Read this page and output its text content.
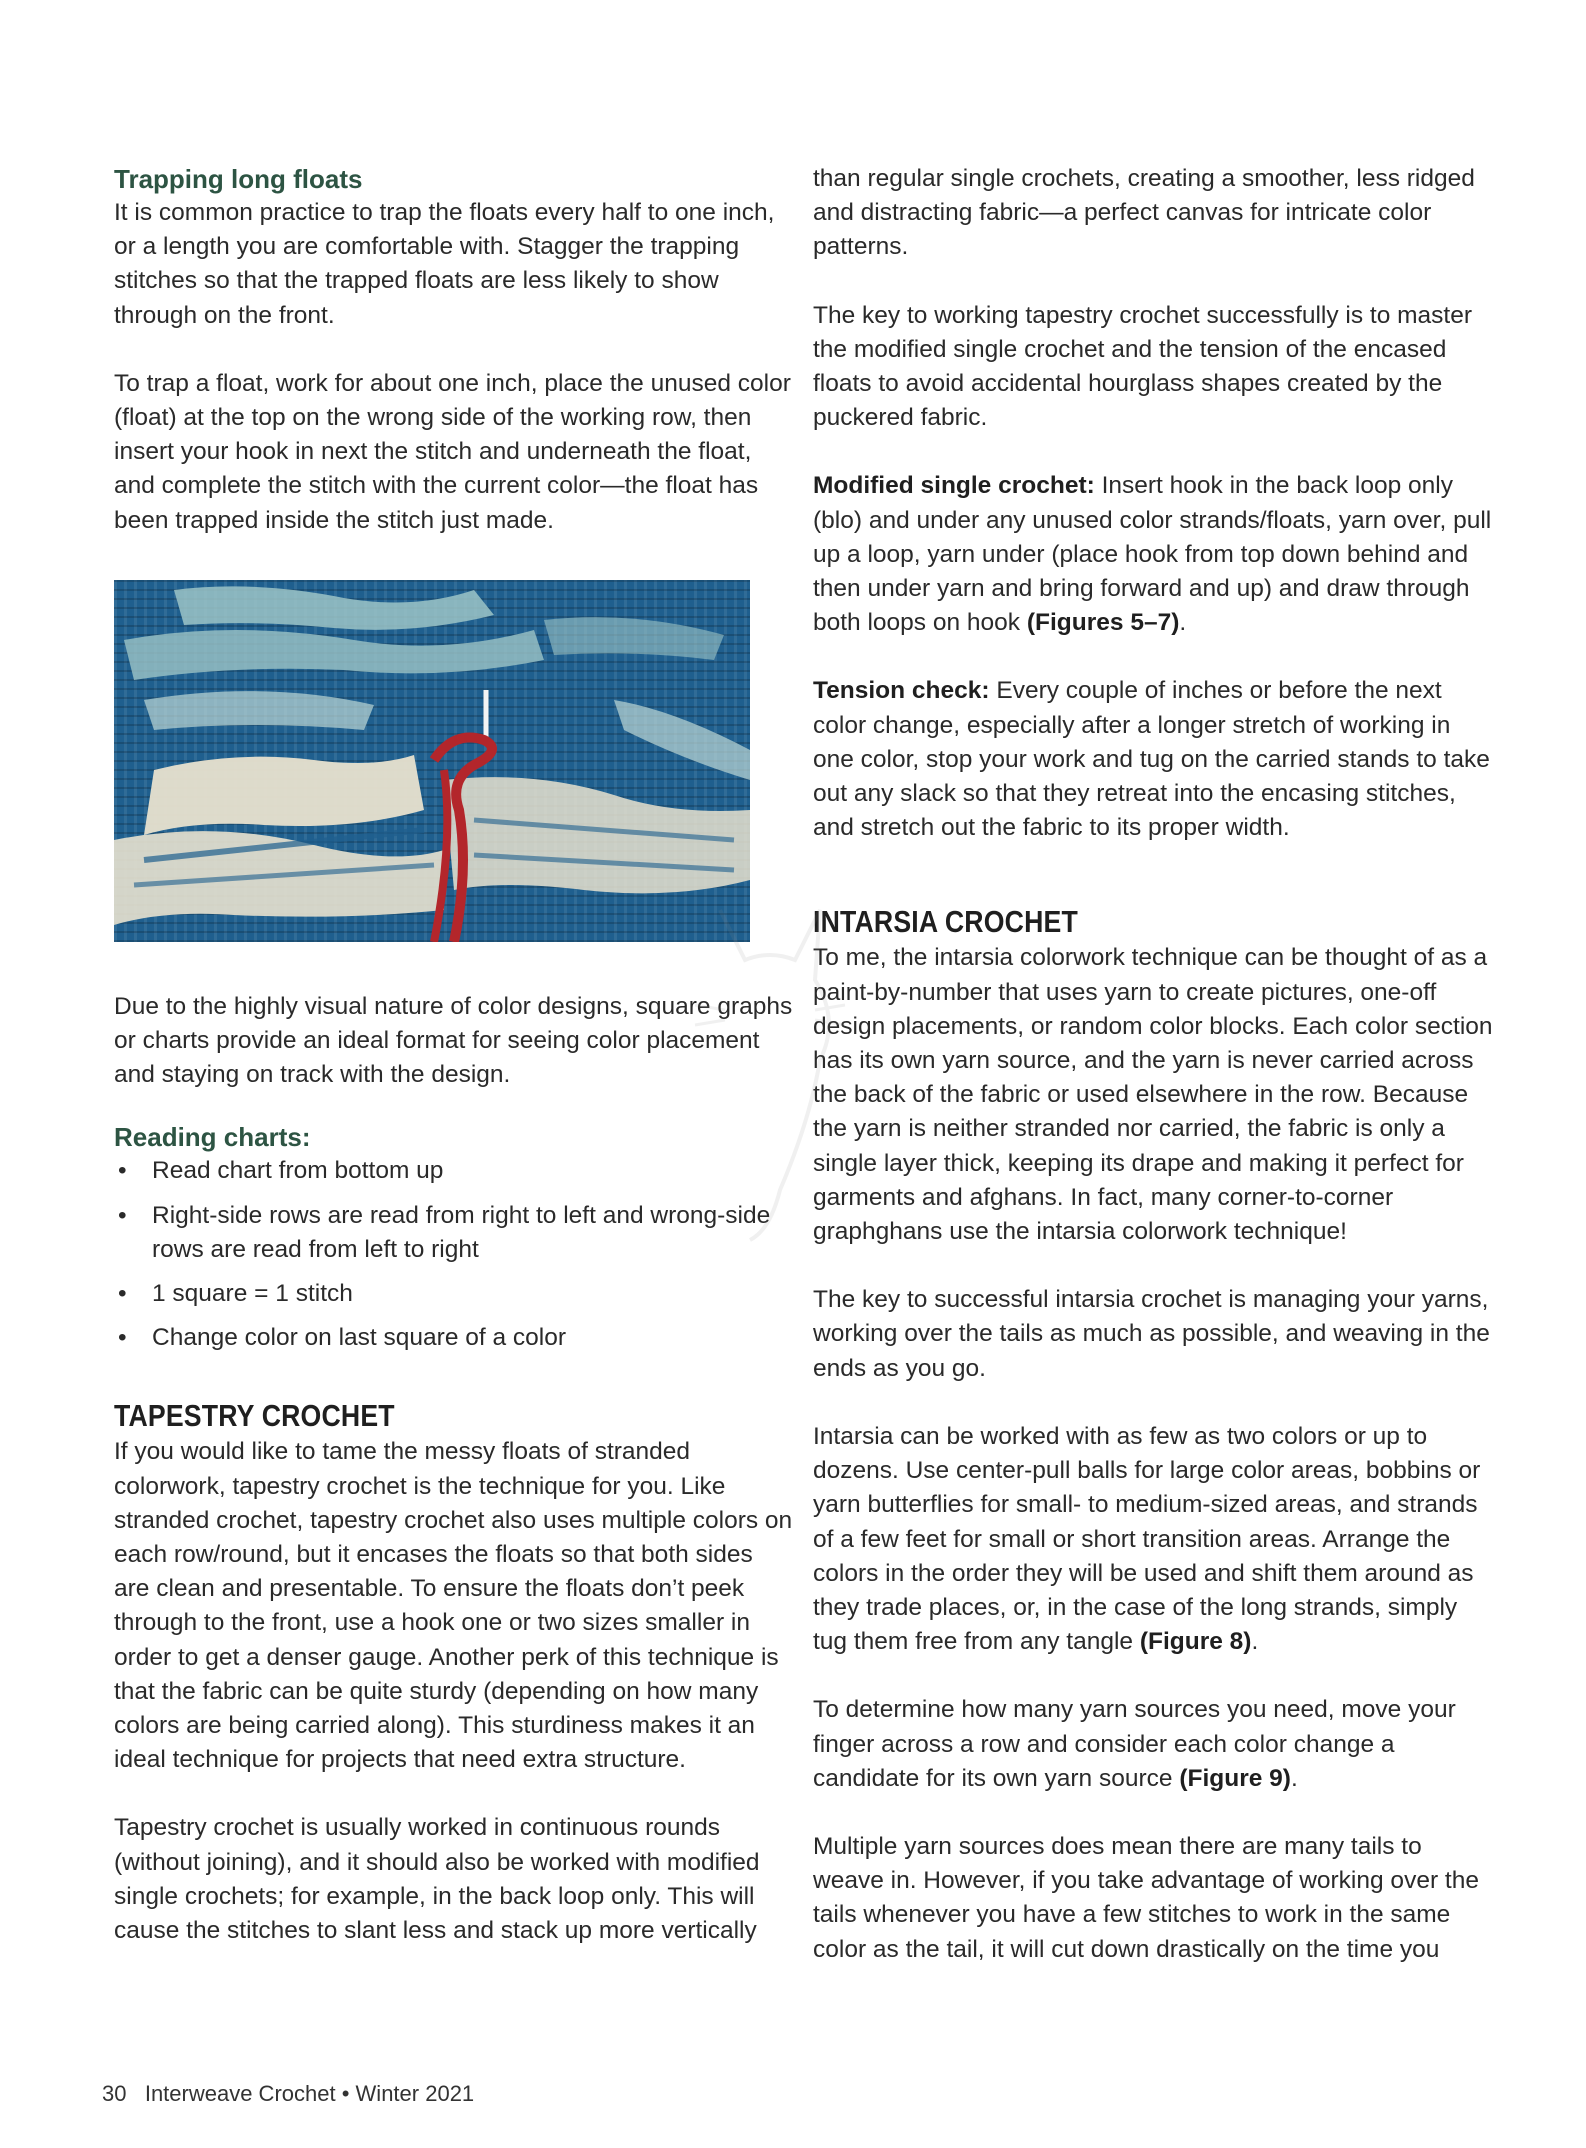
Trapping long floats

It is common practice to trap the floats every half to one inch, or a length you are comfortable with. Stagger the trapping stitches so that the trapped floats are less likely to show through on the front.

To trap a float, work for about one inch, place the unused color (float) at the top on the wrong side of the working row, then insert your hook in next the stitch and underneath the float, and complete the stitch with the current color—the float has been trapped inside the stitch just made.

Due to the highly visual nature of color designs, square graphs or charts provide an ideal format for seeing color placement and staying on track with the design.

Reading charts:
• Read chart from bottom up
• Right-side rows are read from right to left and wrong-side rows are read from left to right
• 1 square = 1 stitch
• Change color on last square of a color
TAPESTRY CROCHET

If you would like to tame the messy floats of stranded colorwork, tapestry crochet is the technique for you. Like stranded crochet, tapestry crochet also uses multiple colors on each row/round, but it encases the floats so that both sides are clean and presentable. To ensure the floats don’t peek through to the front, use a hook one or two sizes smaller in order to get a denser gauge. Another perk of this technique is that the fabric can be quite sturdy (depending on how many colors are being carried along). This sturdiness makes it an ideal technique for projects that need extra structure.

Tapestry crochet is usually worked in continuous rounds (without joining), and it should also be worked with modified single crochets; for example, in the back loop only. This will cause the stitches to slant less and stack up more vertically

than regular single crochets, creating a smoother, less ridged and distracting fabric—a perfect canvas for intricate color patterns.

The key to working tapestry crochet successfully is to master the modified single crochet and the tension of the encased floats to avoid accidental hourglass shapes created by the puckered fabric.

Modified single crochet: Insert hook in the back loop only (blo) and under any unused color strands/floats, yarn over, pull up a loop, yarn under (place hook from top down behind and then under yarn and bring forward and up) and draw through both loops on hook (Figures 5–7).

Tension check: Every couple of inches or before the next color change, especially after a longer stretch of working in one color, stop your work and tug on the carried stands to take out any slack so that they retreat into the encasing stitches, and stretch out the fabric to its proper width.

INTARSIA CROCHET

To me, the intarsia colorwork technique can be thought of as a paint-by-number that uses yarn to create pictures, one-off design placements, or random color blocks. Each color section has its own yarn source, and the yarn is never carried across the back of the fabric or used elsewhere in the row. Because the yarn is neither stranded nor carried, the fabric is only a single layer thick, keeping its drape and making it perfect for garments and afghans. In fact, many corner-to-corner graphghans use the intarsia colorwork technique!

The key to successful intarsia crochet is managing your yarns, working over the tails as much as possible, and weaving in the ends as you go.

Intarsia can be worked with as few as two colors or up to dozens. Use center-pull balls for large color areas, bobbins or yarn butterflies for small- to medium-sized areas, and strands of a few feet for small or short transition areas. Arrange the colors in the order they will be used and shift them around as they trade places, or, in the case of the long strands, simply tug them free from any tangle (Figure 8).

To determine how many yarn sources you need, move your finger across a row and consider each color change a candidate for its own yarn source (Figure 9).

Multiple yarn sources does mean there are many tails to weave in. However, if you take advantage of working over the tails whenever you have a few stitches to work in the same color as the tail, it will cut down drastically on the time you

30 Interweave Crochet • Winter 2021
